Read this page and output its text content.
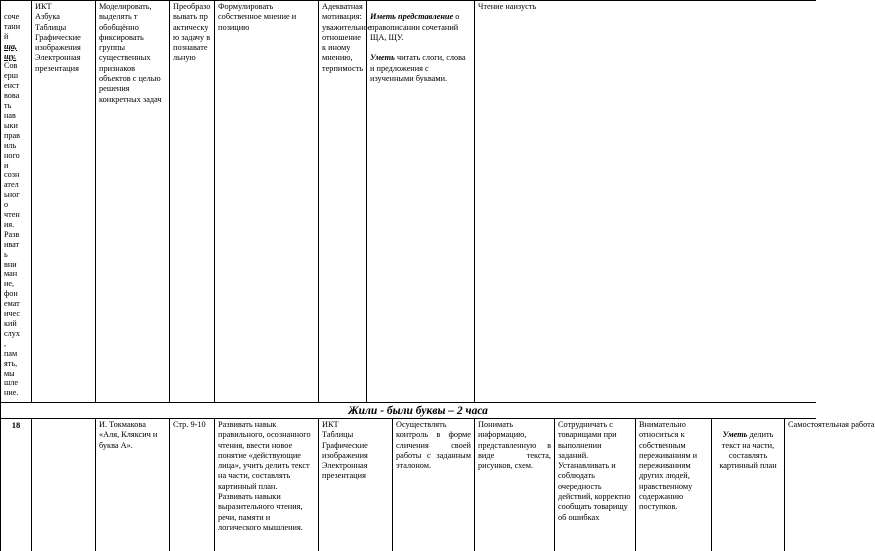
соче
тани
й
ща,
щу.
Сов
ерш
енст
вова
ть
нав
ыки
прав
иль
ного
и
созн
ател
ьног
о
чтен
ия.
Разв
иват
ь
вни
ман
ие,
фон
емат
ичес
кий
слух
,
пам
ять,
мы
шле
ние.

ИКТ
Азбука
Таблицы
Графические изображения
Электронная презентация
Моделировать, выделять т обобщённо фиксировать группы существенных признаков объектов с целью решения конкретных задач
Преобразовывать практическую задачу в познавательную
Формулировать собственное мнение и позицию
Адекватная мотивация: уважительное отношение к иному мнению, терпимость

Иметь представление о правописании сочетаний ЩА, ЩУ.

Уметь читать слоги, слова и предложения с изученными буквами.

Чтение наизусть
Жили - были буквы – 2 часа
18	И. Токмакова «Аля, Кляксич и буква А».
Стр. 9-10	Развивать навык правильного, осознанного чтения, ввести новое понятие «действующие лица», учить делить текст на части, составлять картинный план.
Развивать навыки выразительного чтения, речи, памяти и логического мышления.
ИКТ
Таблицы
Графические изображения
Электронная презентация
Осуществлять контроль в форме сличения своей работы с заданным эталоном.
Понимать информацию, представленную в виде текста, рисунков, схем.
Сотрудничать с товарищами при выполнении заданий.
Устанавливать и соблюдать очередность действий, корректно сообщать товарищу об ошибках
Внимательно относиться к собственным переживаниям и переживаниям других людей, нравственному содержанию поступков.

Уметь делить текст на части, составлять картинный план

Самостоятельная работа
